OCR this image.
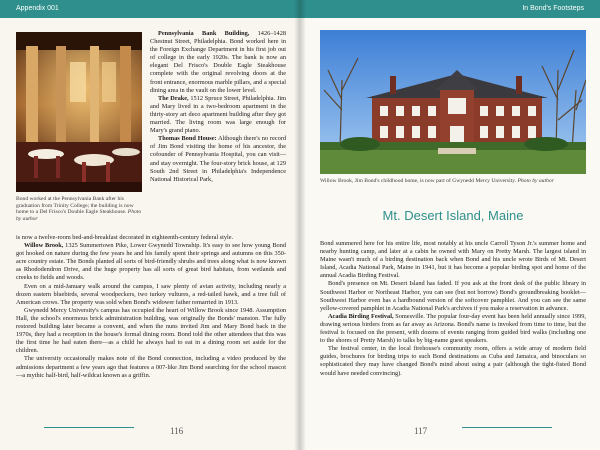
Appendix 001
Bond worked at the Pennsylvania Bank after his graduation from Trinity College; the building is now home to a Del Frisco's Double Eagle Steakhouse. Photo by author

Pennsylvania Bank Building, 1426–1428 Chestnut Street, Philadelphia. Bond worked here in the Foreign Exchange Department in his first job out of college in the early 1920s. The bank is now an elegant Del Frisco's Double Eagle Steakhouse complete with the original revolving doors at the front entrance, enormous marble pillars, and a special dining area in the vault on the lower level.

The Drake, 1512 Spruce Street, Philadelphia. Jim and Mary lived in a two-bedroom apartment in the thirty-story art deco apartment building after they got married. The living room was large enough for Mary's grand piano.

Thomas Bond House: Although there's no record of Jim Bond visiting the home of his ancestor, the cofounder of Pennsylvania Hospital, you can visit—and stay overnight. The four-story brick house, at 129 South 2nd Street in Philadelphia's Independence National Historical Park,

is now a twelve-room bed-and-breakfast decorated in eighteenth-century federal style.

Willow Brook, 1325 Summertown Pike, Lower Gwynedd Township. It's easy to see how young Bond got hooked on nature during the few years he and his family spent their springs and autumns on this 350-acre country estate. The Bonds planted all sorts of bird-friendly shrubs and trees along what is now known as Rhododendron Drive, and the huge property has all sorts of great bird habitats, from wetlands and creeks to fields and woods.

Even on a mid-January walk around the campus, I saw plenty of avian activity, including nearly a dozen eastern bluebirds, several woodpeckers, two turkey vultures, a red-tailed hawk, and a tree full of American crows. The property was sold when Bond's widower father remarried in 1913.

Gwynedd Mercy University's campus has occupied the heart of Willow Brook since 1948. Assumption Hall, the school's enormous brick administration building, was originally the Bonds' mansion. The fully restored building later became a convent, and when the nuns invited Jim and Mary Bond back in the 1970s, they had a reception in the house's formal dining room. Bond told the other attendees that this was the first time he had eaten there—as a child he always had to eat in a dining room set aside for the children.

The university occasionally makes note of the Bond connection, including a video produced by the admissions department a few years ago that features a 007-like Jim Bond searching for the school mascot—a mythic half-bird, half-wildcat known as a griffin.

116
In Bond's Footsteps
Willow Brook, Jim Bond's childhood home, is now part of Gwynedd Mercy University. Photo by author
Mt. Desert Island, Maine

Bond summered here for his entire life, most notably at his uncle Carroll Tyson Jr.'s summer home and nearby hunting camp, and later at a cabin he owned with Mary on Pretty Marsh. The largest island in Maine wasn't much of a birding destination back when Bond and his uncle wrote Birds of Mt. Desert Island, Acadia National Park, Maine in 1941, but it has become a popular birding spot and home of the annual Acadia Birding Festival.

Bond's presence on Mt. Desert Island has faded. If you ask at the front desk of the public library in Southwest Harbor or Northeast Harbor, you can see (but not borrow) Bond's groundbreaking booklet—Southwest Harbor even has a hardbound version of the softcover pamphlet. And you can see the same yellow-covered pamphlet in Acadia National Park's archives if you make a reservation in advance.

Acadia Birding Festival, Somesville. The popular four-day event has been held annually since 1999, drawing serious birders from as far away as Arizona. Bond's name is invoked from time to time, but the festival is focused on the present, with dozens of events ranging from guided bird walks (including one to the shores of Pretty Marsh) to talks by big-name guest speakers.

The festival center, in the local firehouse's community room, offers a wide array of modern field guides, brochures for birding trips to such Bond destinations as Cuba and Jamaica, and binoculars so sophisticated they may have changed Bond's mind about using a pair (although the tight-fisted Bond would have needed convincing).

117
